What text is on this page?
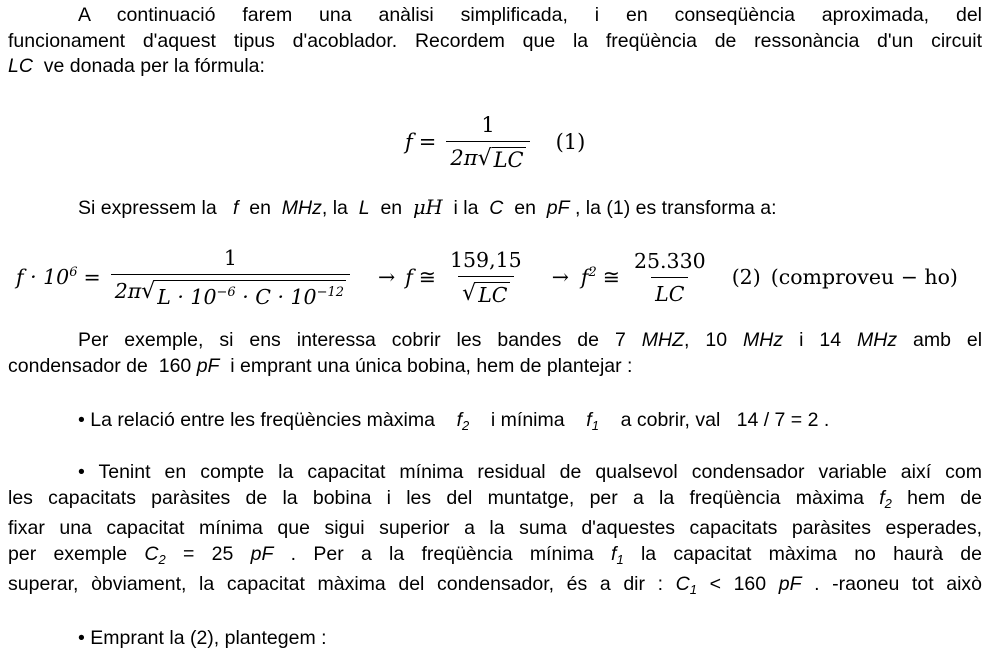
A continuació farem una anàlisi simplificada, i en conseqüència aproximada, del
funcionament d'aquest tipus d'acoblador. Recordem que la freqüència de ressonància d'un circuit
LC ve donada per la fórmula:
$f = \frac{1}{2\pi √ LC} (1)$
Si expressem la f en MHz, la L en μH i la C en pF , la (1) es transforma a:
$f \cdot 10^6 = \frac{1}{2\pi √ L \cdot 10^{-6} \cdot C \cdot 10^{-12}} \to f$ ≅ $\frac{159,15}{√ LC} \to f^2$ ≅ $\frac{25.330}{LC} (2)$ (comproveu − ho)
Per exemple, si ens interessa cobrir les bandes de 7 MHZ, 10 MHz i 14 MHz amb el
condensador de 160 pF i emprant una única bobina, hem de plantejar :
• La relació entre les freqüències màxima $f_2$ i mínima $f_1$ a cobrir, val 14 / 7 = 2 .
• Tenint en compte la capacitat mínima residual de qualsevol condensador variable així com
les capacitats paràsites de la bobina i les del muntatge, per a la freqüència màxima $f_2$ hem de
fixar una capacitat mínima que sigui superior a la suma d'aquestes capacitats paràsites esperades,
per exemple $C_2 = 25$ pF . Per a la freqüència mínima $f_1$ la capacitat màxima no haurà de
superar, òbviament, la capacitat màxima del condensador, és a dir : $C_1 < 160$ pF . -raoneu tot això
• Emprant la (2), plantegem :
